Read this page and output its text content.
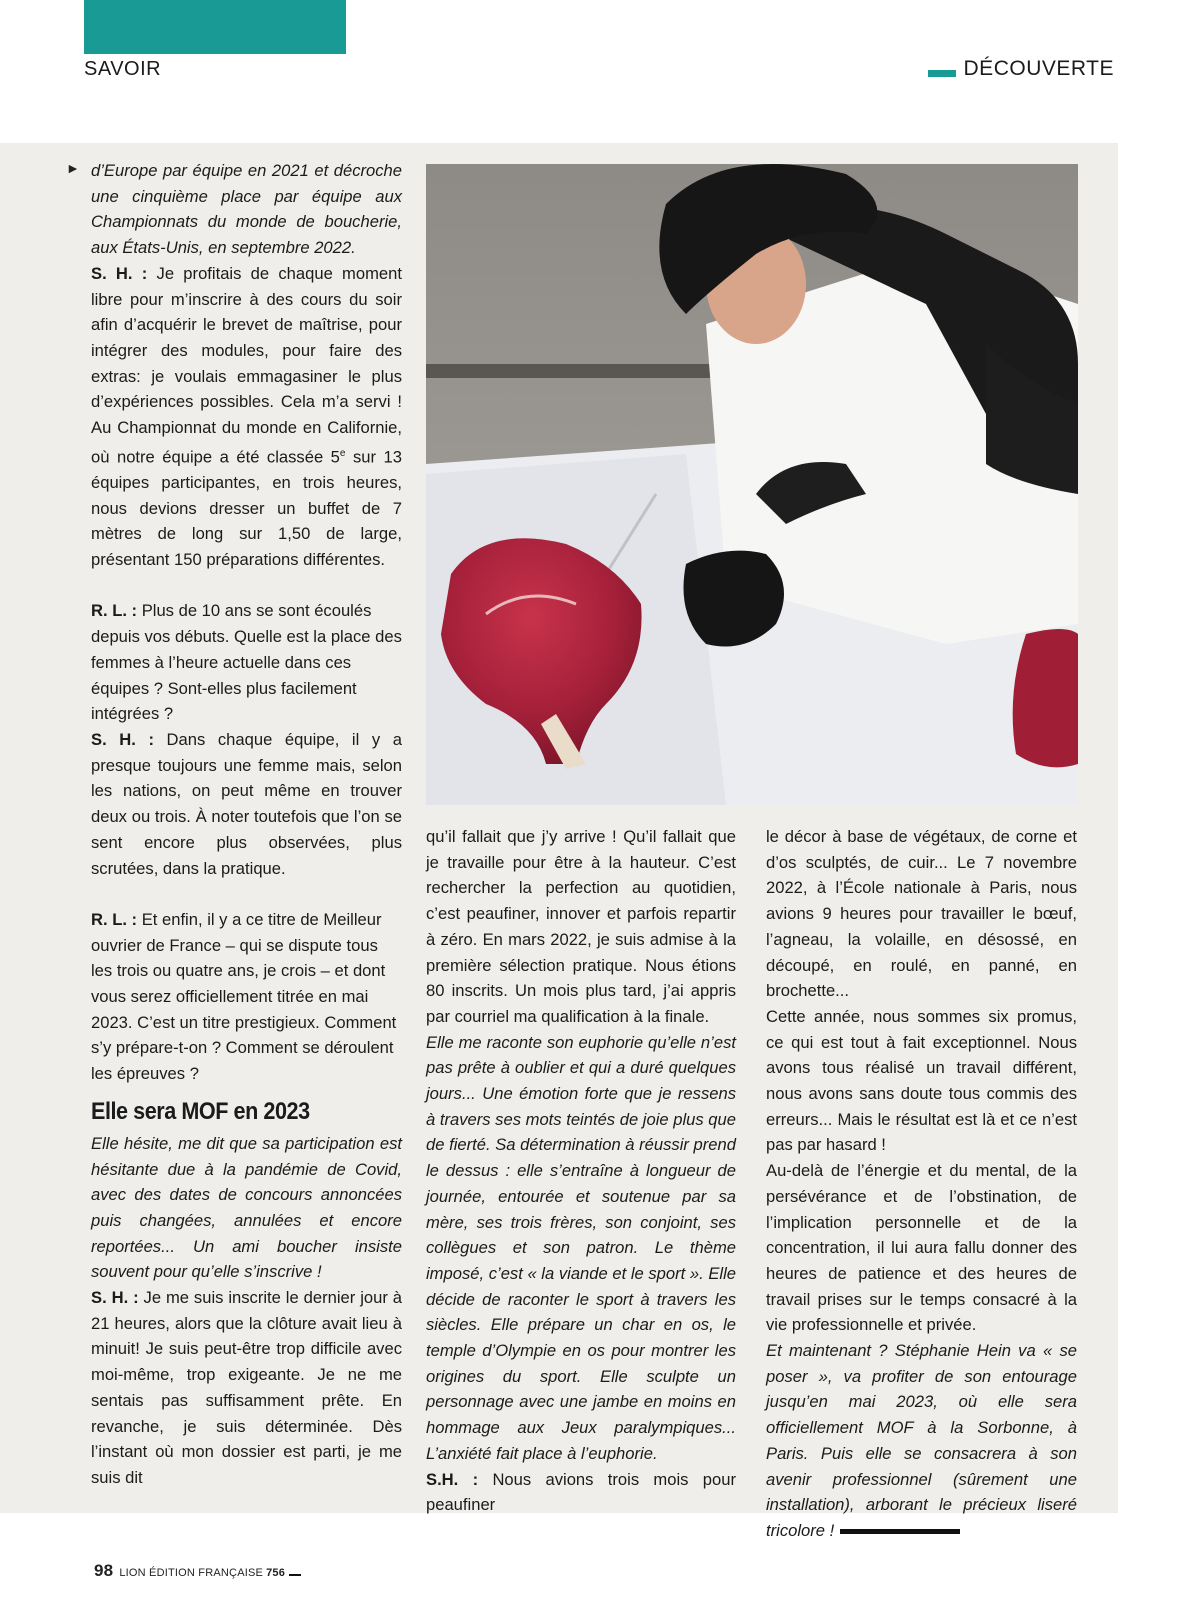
SAVOIR	DÉCOUVERTE
► d’Europe par équipe en 2021 et décroche une cinquième place par équipe aux Championnats du monde de boucherie, aux États-Unis, en septembre 2022.

S. H. : Je profitais de chaque moment libre pour m’inscrire à des cours du soir afin d’acquérir le brevet de maîtrise, pour intégrer des modules, pour faire des extras: je voulais emmagasiner le plus d’expériences possibles. Cela m’a servi ! Au Championnat du monde en Californie, où notre équipe a été classée 5e sur 13 équipes participantes, en trois heures, nous devions dresser un buffet de 7 mètres de long sur 1,50 de large, présentant 150 préparations différentes.

R. L. : Plus de 10 ans se sont écoulés depuis vos débuts. Quelle est la place des femmes à l’heure actuelle dans ces équipes ? Sont-elles plus facilement intégrées ?

S. H. : Dans chaque équipe, il y a presque toujours une femme mais, selon les nations, on peut même en trouver deux ou trois. À noter toutefois que l’on se sent encore plus observées, plus scrutées, dans la pratique.

R. L. : Et enfin, il y a ce titre de Meilleur ouvrier de France – qui se dispute tous les trois ou quatre ans, je crois – et dont vous serez officiellement titrée en mai 2023. C’est un titre prestigieux. Comment s’y prépare-t-on ? Comment se déroulent les épreuves ?

Elle sera MOF en 2023

Elle hésite, me dit que sa participation est hésitante due à la pandémie de Covid, avec des dates de concours annoncées puis changées, annulées et encore reportées... Un ami boucher insiste souvent pour qu’elle s’inscrive !

S. H. : Je me suis inscrite le dernier jour à 21 heures, alors que la clôture avait lieu à minuit! Je suis peut-être trop difficile avec moi-même, trop exigeante. Je ne me sentais pas suffisamment prête. En revanche, je suis déterminée. Dès l’instant où mon dossier est parti, je me suis dit

qu’il fallait que j’y arrive ! Qu’il fallait que je travaille pour être à la hauteur. C’est rechercher la perfection au quotidien, c’est peaufiner, innover et parfois repartir à zéro. En mars 2022, je suis admise à la première sélection pratique. Nous étions 80 inscrits. Un mois plus tard, j’ai appris par courriel ma qualification à la finale.

Elle me raconte son euphorie qu’elle n’est pas prête à oublier et qui a duré quelques jours... Une émotion forte que je ressens à travers ses mots teintés de joie plus que de fierté. Sa détermination à réussir prend le dessus : elle s’entraîne à longueur de journée, entourée et soutenue par sa mère, ses trois frères, son conjoint, ses collègues et son patron. Le thème imposé, c’est « la viande et le sport ». Elle décide de raconter le sport à travers les siècles. Elle prépare un char en os, le temple d’Olympie en os pour montrer les origines du sport. Elle sculpte un personnage avec une jambe en moins en hommage aux Jeux paralympiques... L’anxiété fait place à l’euphorie.

S.H. : Nous avions trois mois pour peaufiner

le décor à base de végétaux, de corne et d’os sculptés, de cuir... Le 7 novembre 2022, à l’École nationale à Paris, nous avions 9 heures pour travailler le bœuf, l’agneau, la volaille, en désossé, en découpé, en roulé, en panné, en brochette...

Cette année, nous sommes six promus, ce qui est tout à fait exceptionnel. Nous avons tous réalisé un travail différent, nous avons sans doute tous commis des erreurs... Mais le résultat est là et ce n’est pas par hasard !

Au-delà de l’énergie et du mental, de la persévérance et de l’obstination, de l’implication personnelle et de la concentration, il lui aura fallu donner des heures de patience et des heures de travail prises sur le temps consacré à la vie professionnelle et privée.

Et maintenant ? Stéphanie Hein va « se poser », va profiter de son entourage jusqu’en mai 2023, où elle sera officiellement MOF à la Sorbonne, à Paris. Puis elle se consacrera à son avenir professionnel (sûrement une installation), arborant le précieux liseré tricolore !

98 LION ÉDITION FRANÇAISE 756
